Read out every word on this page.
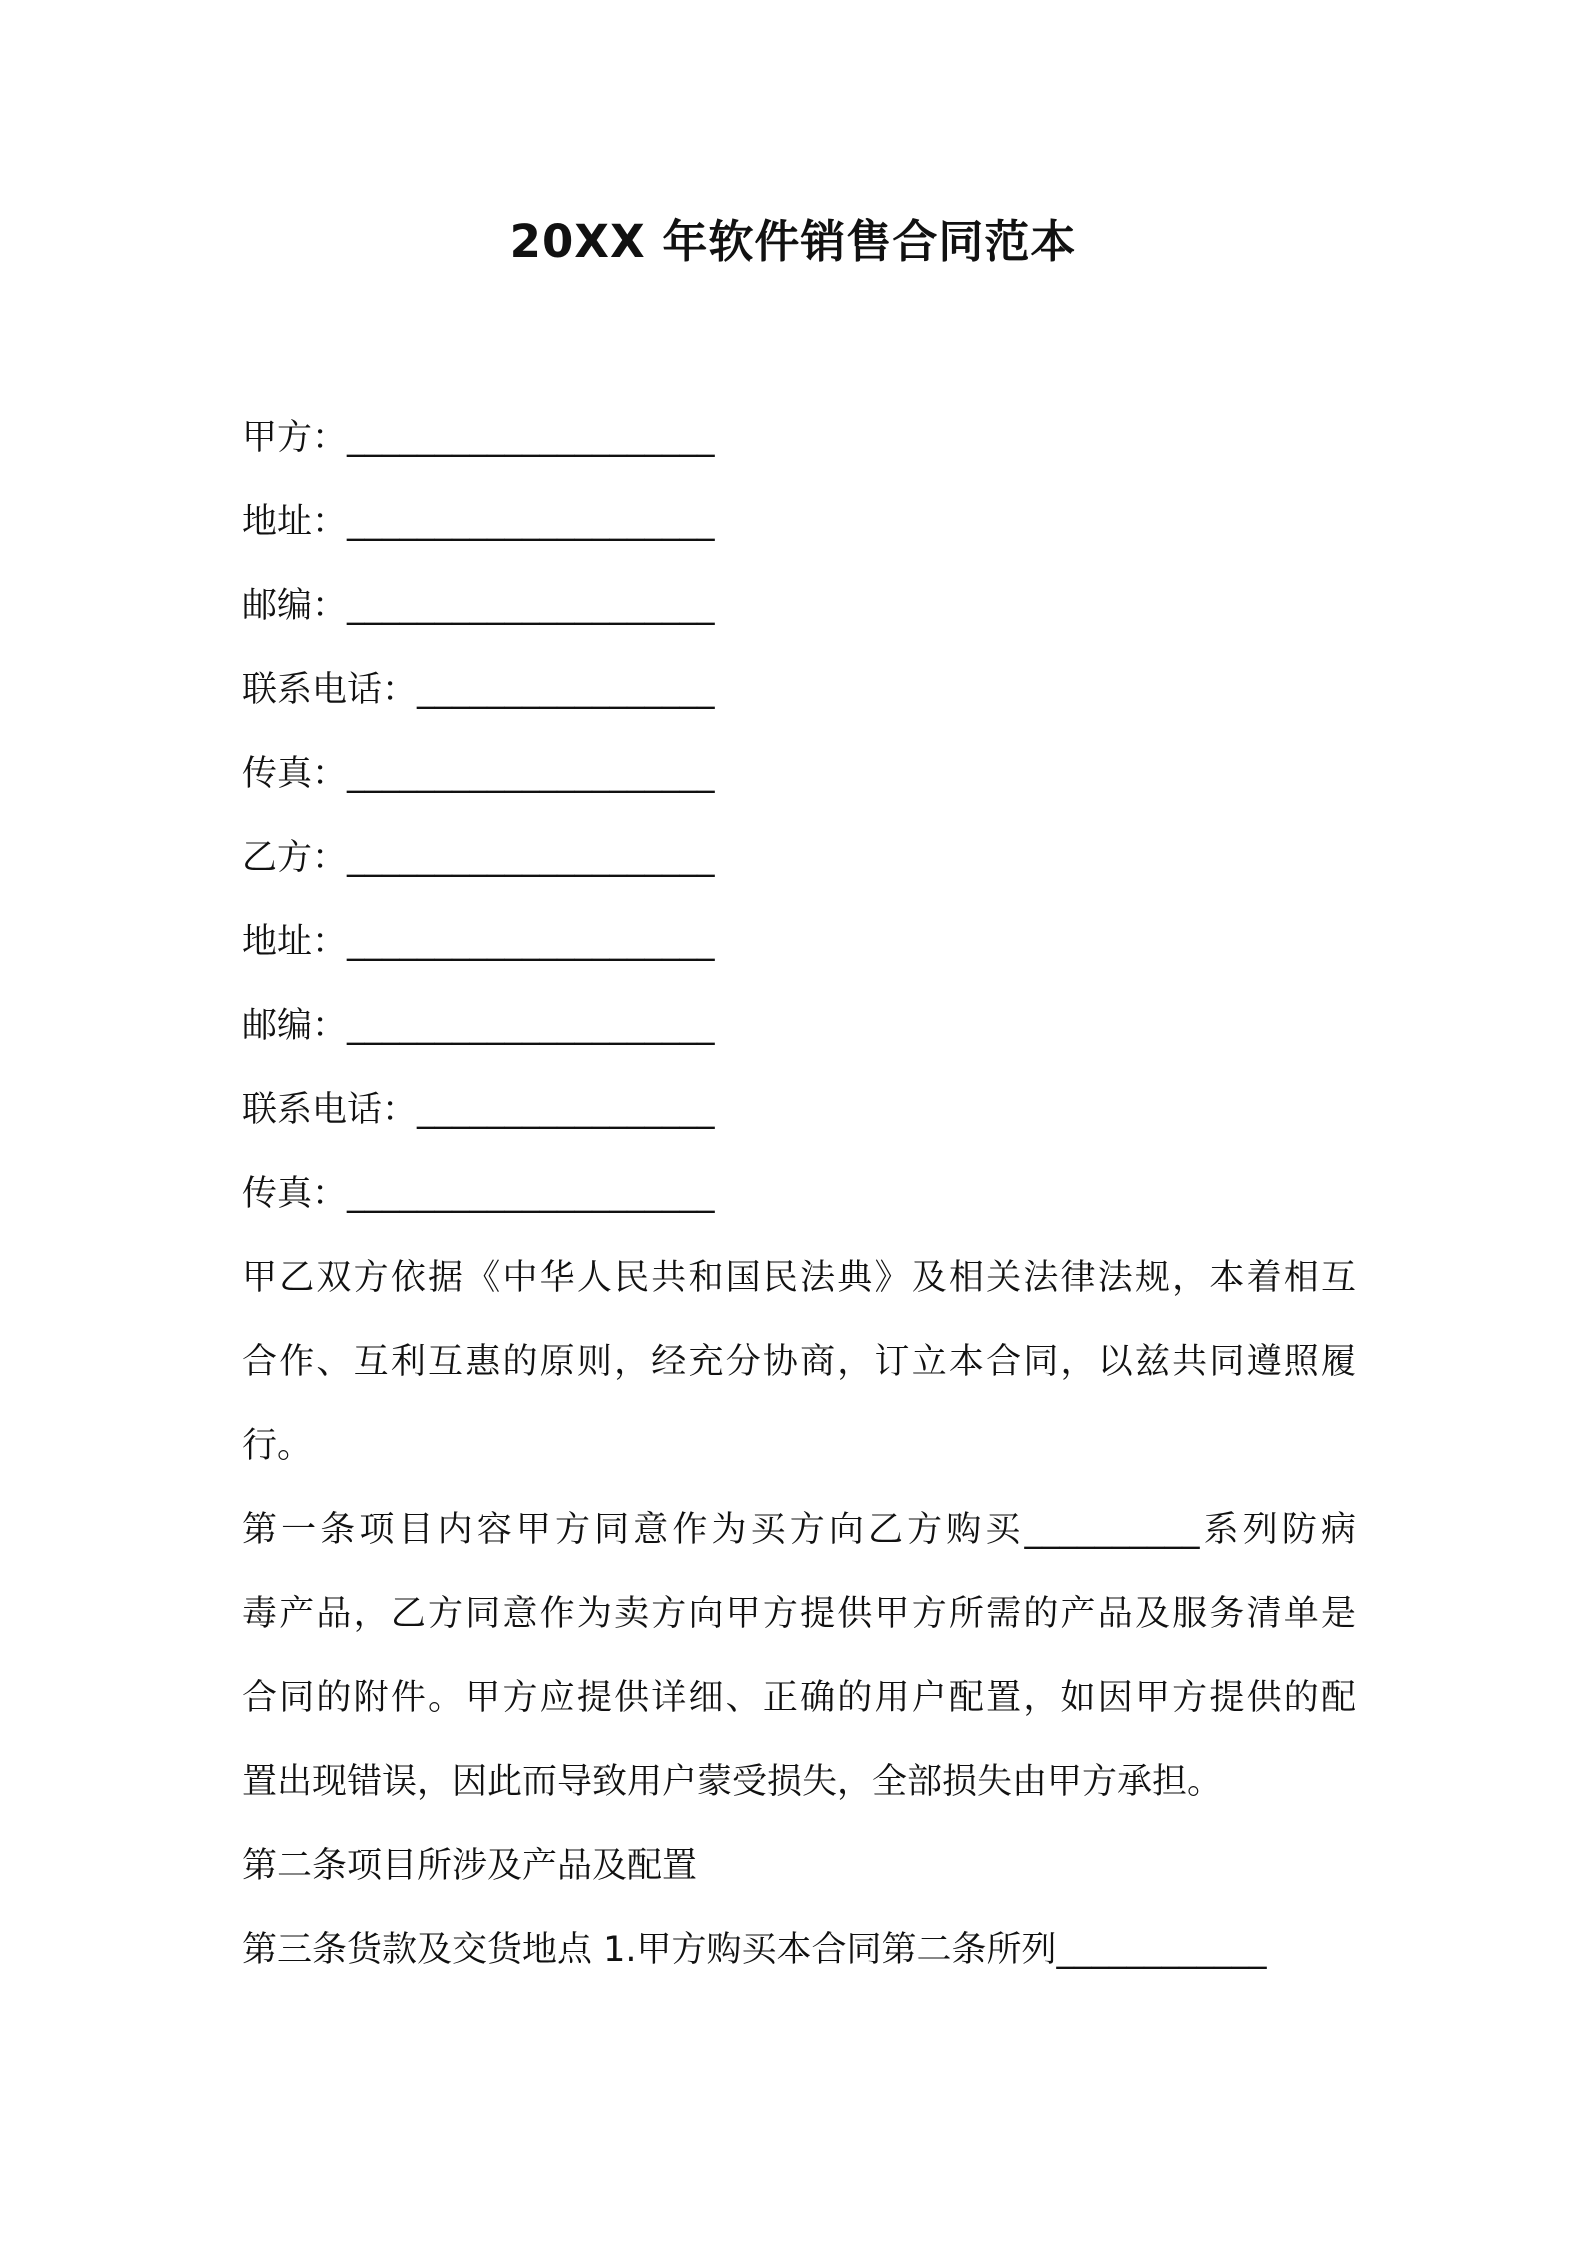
20XX 年软件销售合同范本
甲方：_____________________
地址：_____________________
邮编：_____________________
联系电话：_________________
传真：_____________________
乙方：_____________________
地址：_____________________
邮编：_____________________
联系电话：_________________
传真：_____________________
甲乙双方依据《中华人民共和国民法典》及相关法律法规，本着相互
合作、互利互惠的原则，经充分协商，订立本合同，以兹共同遵照履
行。
第一条项目内容甲方同意作为买方向乙方购买__________系列防病
毒产品，乙方同意作为卖方向甲方提供甲方所需的产品及服务清单是
合同的附件。甲方应提供详细、正确的用户配置，如因甲方提供的配
置出现错误，因此而导致用户蒙受损失，全部损失由甲方承担。
第二条项目所涉及产品及配置
第三条货款及交货地点 1.甲方购买本合同第二条所列____________
